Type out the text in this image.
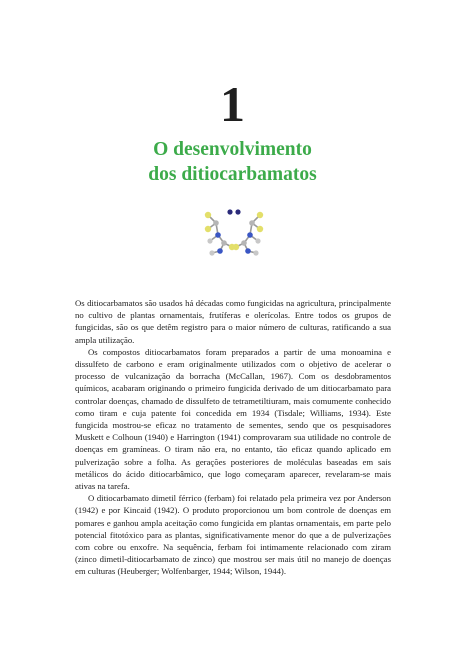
1
O desenvolvimento
dos ditiocarbamatos

Os ditiocarbamatos são usados há décadas como fungicidas na agricultura, principalmente no cultivo de plantas ornamentais, frutíferas e olerícolas. Entre todos os grupos de fungicidas, são os que detêm registro para o maior número de culturas, ratificando a sua ampla utilização.

Os compostos ditiocarbamatos foram preparados a partir de uma monoamina e dissulfeto de carbono e eram originalmente utilizados com o objetivo de acelerar o processo de vulcanização da borracha (McCallan, 1967). Com os desdobramentos químicos, acabaram originando o primeiro fungicida derivado de um ditiocarbamato para controlar doenças, chamado de dissulfeto de tetrametiltiuram, mais comumente conhecido como tiram e cuja patente foi concedida em 1934 (Tisdale; Williams, 1934). Este fungicida mostrou-se eficaz no tratamento de sementes, sendo que os pesquisadores Muskett e Colhoun (1940) e Harrington (1941) comprovaram sua utilidade no controle de doenças em gramíneas. O tiram não era, no entanto, tão eficaz quando aplicado em pulverização sobre a folha. As gerações posteriores de moléculas baseadas em sais metálicos do ácido ditiocarbâmico, que logo começaram aparecer, revelaram-se mais ativas na tarefa.

O ditiocarbamato dimetil férrico (ferbam) foi relatado pela primeira vez por Anderson (1942) e por Kincaid (1942). O produto proporcionou um bom controle de doenças em pomares e ganhou ampla aceitação como fungicida em plantas ornamentais, em parte pelo potencial fitotóxico para as plantas, significativamente menor do que a de pulverizações com cobre ou enxofre. Na sequência, ferbam foi intimamente relacionado com ziram (zinco dimetil-ditiocarbamato de zinco) que mostrou ser mais útil no manejo de doenças em culturas (Heuberger; Wolfenbarger, 1944; Wilson, 1944).
